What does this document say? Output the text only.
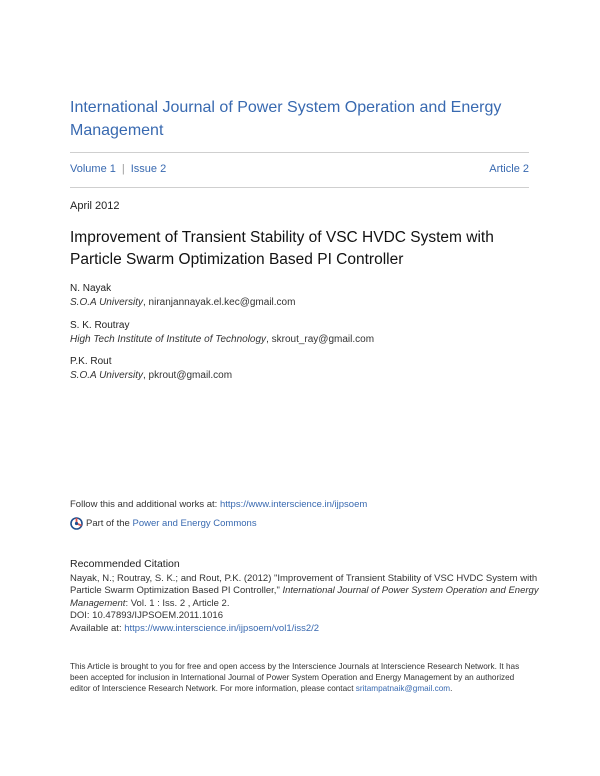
International Journal of Power System Operation and Energy Management
Volume 1 | Issue 2	Article 2
April 2012
Improvement of Transient Stability of VSC HVDC System with Particle Swarm Optimization Based PI Controller
N. Nayak
S.O.A University, niranjannayak.el.kec@gmail.com
S. K. Routray
High Tech Institute of Institute of Technology, skrout_ray@gmail.com
P.K. Rout
S.O.A University, pkrout@gmail.com
Follow this and additional works at: https://www.interscience.in/ijpsoem
Part of the Power and Energy Commons
Recommended Citation
Nayak, N.; Routray, S. K.; and Rout, P.K. (2012) "Improvement of Transient Stability of VSC HVDC System with Particle Swarm Optimization Based PI Controller," International Journal of Power System Operation and Energy Management: Vol. 1 : Iss. 2 , Article 2.
DOI: 10.47893/IJPSOEM.2011.1016
Available at: https://www.interscience.in/ijpsoem/vol1/iss2/2
This Article is brought to you for free and open access by the Interscience Journals at Interscience Research Network. It has been accepted for inclusion in International Journal of Power System Operation and Energy Management by an authorized editor of Interscience Research Network. For more information, please contact sritampatnaik@gmail.com.
